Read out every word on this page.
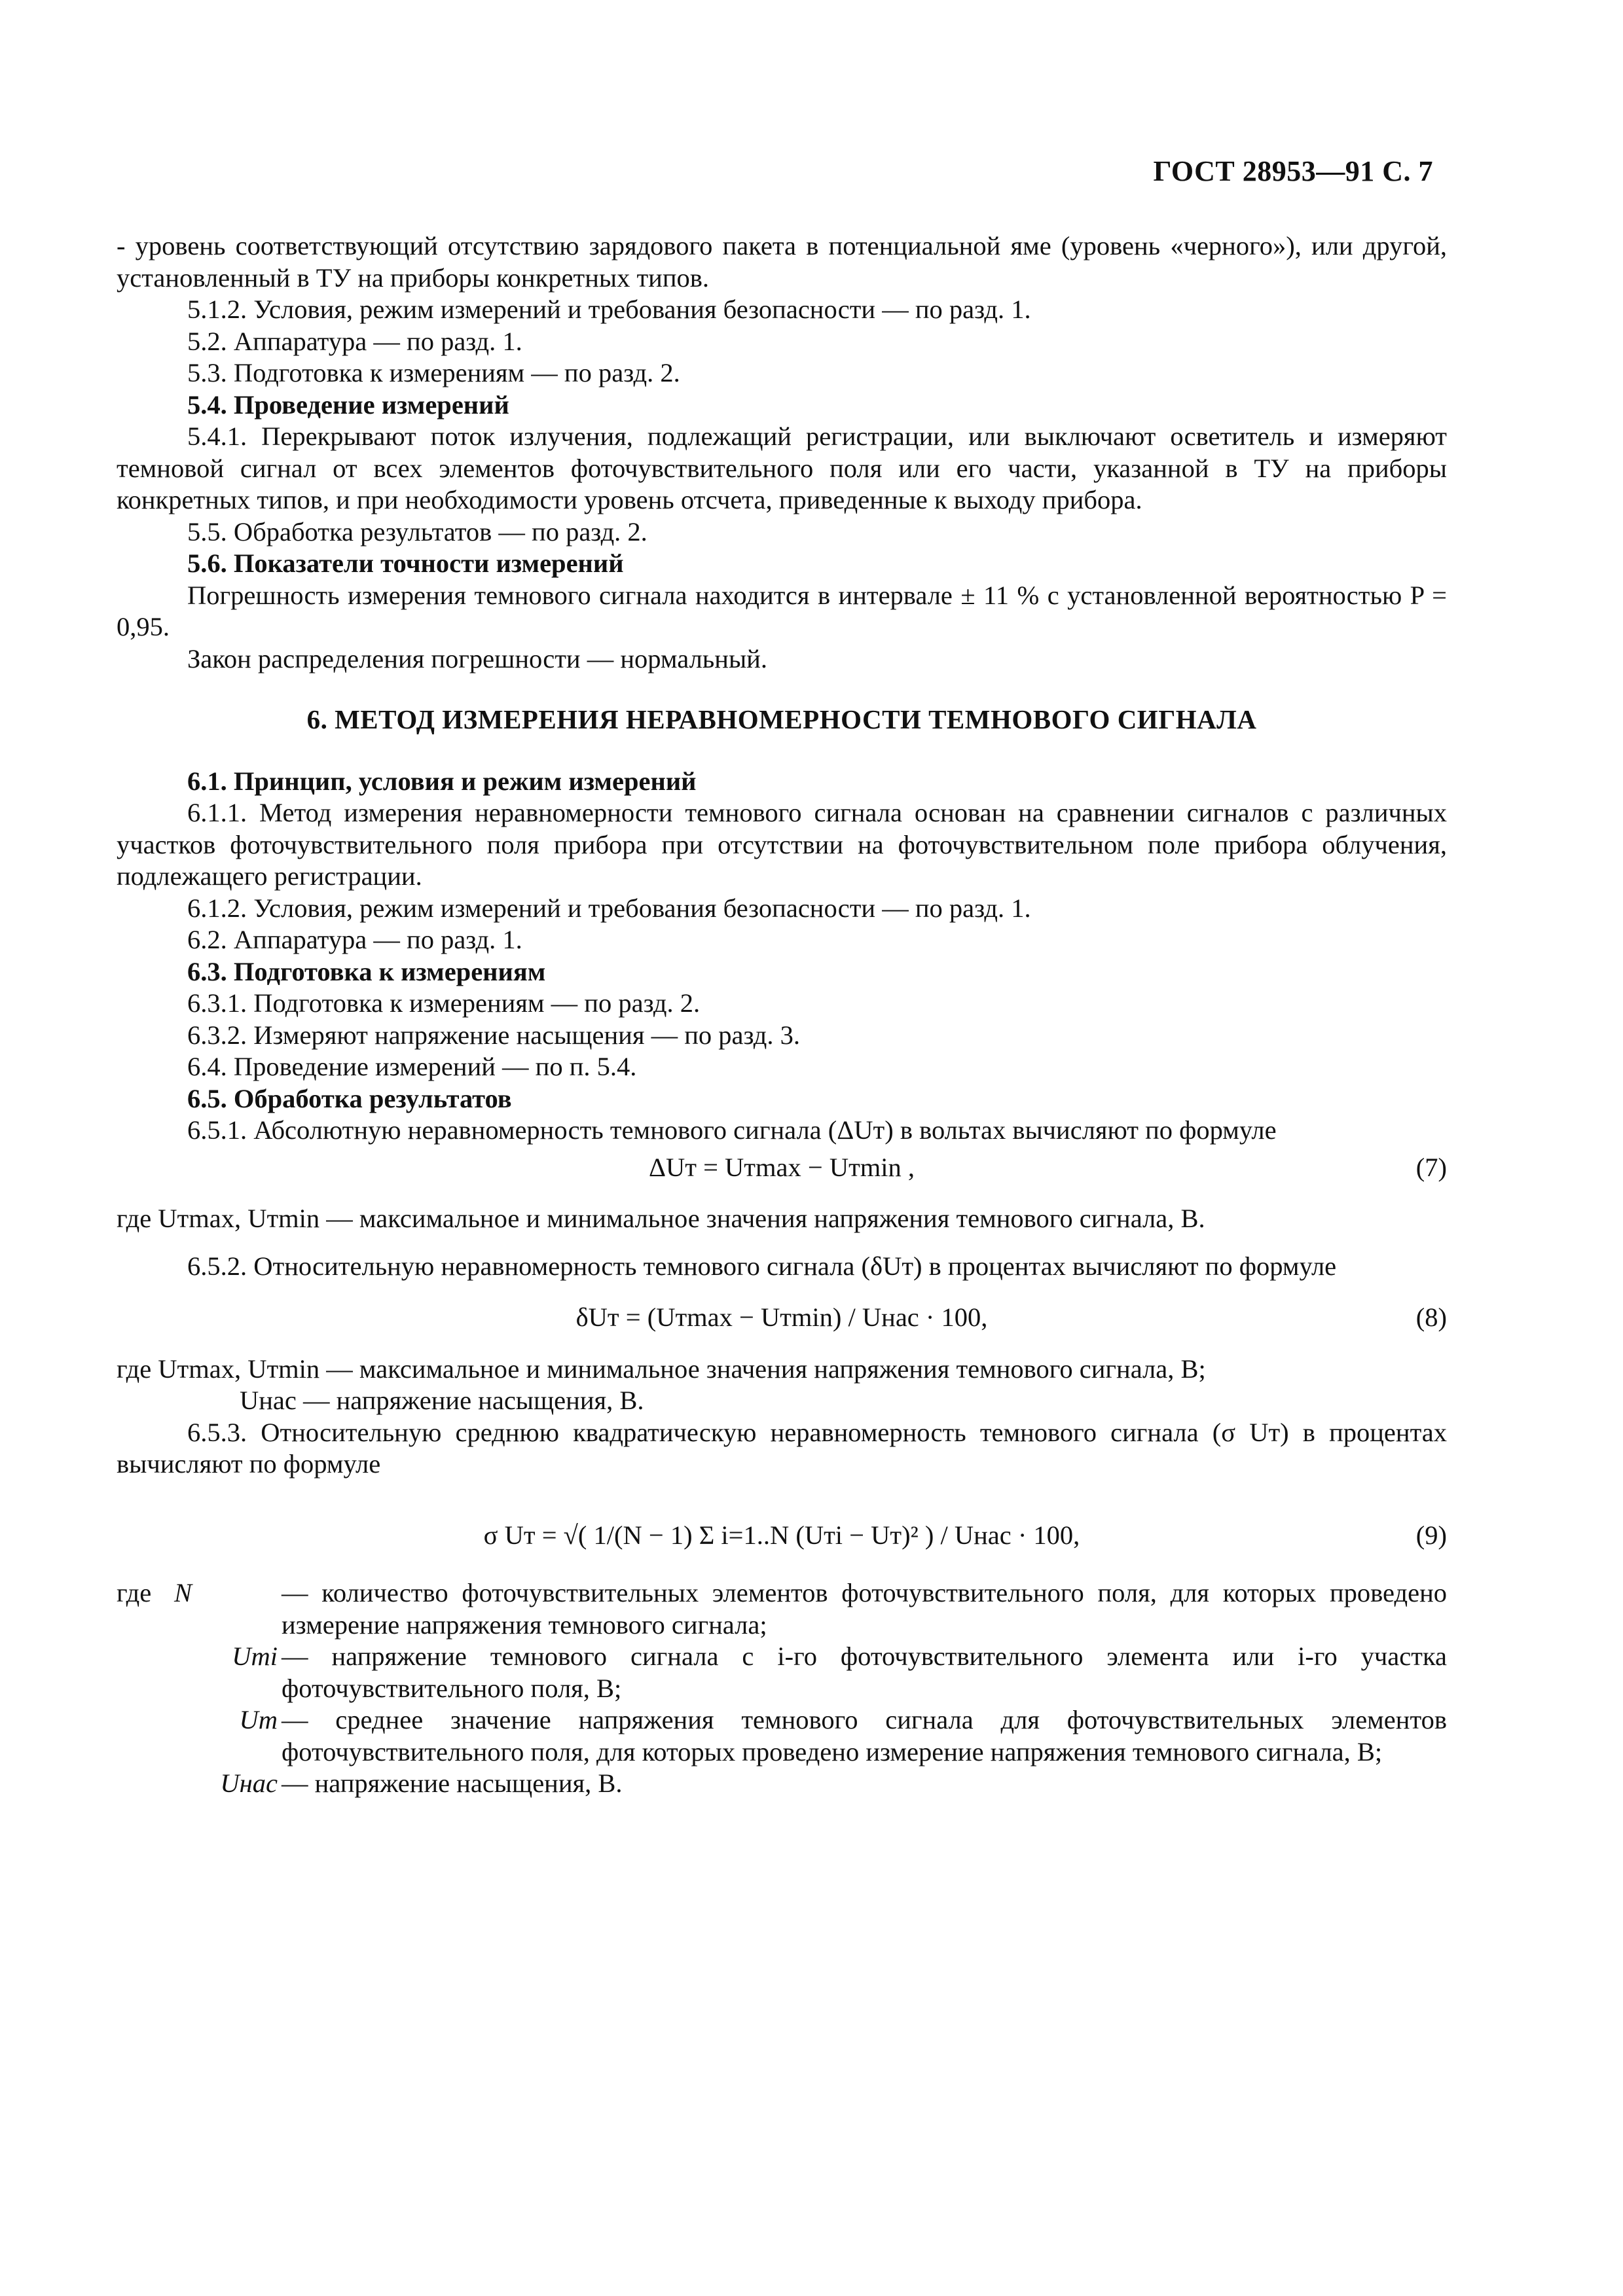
ГОСТ 28953—91 С. 7

- уровень соответствующий отсутствию зарядового пакета в потенциальной яме (уровень «черного»), или другой, установленный в ТУ на приборы конкретных типов.

5.1.2. Условия, режим измерений и требования безопасности — по разд. 1.

5.2. Аппаратура — по разд. 1.

5.3. Подготовка к измерениям — по разд. 2.

5.4. Проведение измерений

5.4.1. Перекрывают поток излучения, подлежащий регистрации, или выключают осветитель и измеряют темновой сигнал от всех элементов фоточувствительного поля или его части, указанной в ТУ на приборы конкретных типов, и при необходимости уровень отсчета, приведенные к выходу прибора.

5.5. Обработка результатов — по разд. 2.

5.6. Показатели точности измерений

Погрешность измерения темнового сигнала находится в интервале ± 11 % с установленной вероятностью P = 0,95.

Закон распределения погрешности — нормальный.

6. МЕТОД ИЗМЕРЕНИЯ НЕРАВНОМЕРНОСТИ ТЕМНОВОГО СИГНАЛА

6.1. Принцип, условия и режим измерений

6.1.1. Метод измерения неравномерности темнового сигнала основан на сравнении сигналов с различных участков фоточувствительного поля прибора при отсутствии на фоточувствительном поле прибора облучения, подлежащего регистрации.

6.1.2. Условия, режим измерений и требования безопасности — по разд. 1.

6.2. Аппаратура — по разд. 1.

6.3. Подготовка к измерениям

6.3.1. Подготовка к измерениям — по разд. 2.

6.3.2. Измеряют напряжение насыщения — по разд. 3.

6.4. Проведение измерений — по п. 5.4.

6.5. Обработка результатов

6.5.1. Абсолютную неравномерность темнового сигнала (ΔUт) в вольтах вычисляют по формуле

ΔUт = Uтmax − Uтmin ,	(7)

где Uтmax, Uтmin — максимальное и минимальное значения напряжения темнового сигнала, В.

6.5.2. Относительную неравномерность темнового сигнала (δUт) в процентах вычисляют по формуле

δUт = (Uтmax − Uтmin) / Uнас · 100,	(8)

где Uтmax, Uтmin — максимальное и минимальное значения напряжения темнового сигнала, В;

Uнас — напряжение насыщения, В.

6.5.3. Относительную среднюю квадратическую неравномерность темнового сигнала (σ Uт) в процентах вычисляют по формуле

σ Uт = √( 1/(N − 1) Σ i=1..N (Uтi − Uт)² ) / Uнас · 100,	(9)
где N	— количество фоточувствительных элементов фоточувствительного поля, для которых проведено измерение напряжения темнового сигнала;
Uтi — напряжение темнового сигнала с i-го фоточувствительного элемента или i-го участка фоточувствительного поля, В;
Uт — среднее значение напряжения темнового сигнала для фоточувствительных элементов фоточувствительного поля, для которых проведено измерение напряжения темнового сигнала, В;
Uнас — напряжение насыщения, В.
